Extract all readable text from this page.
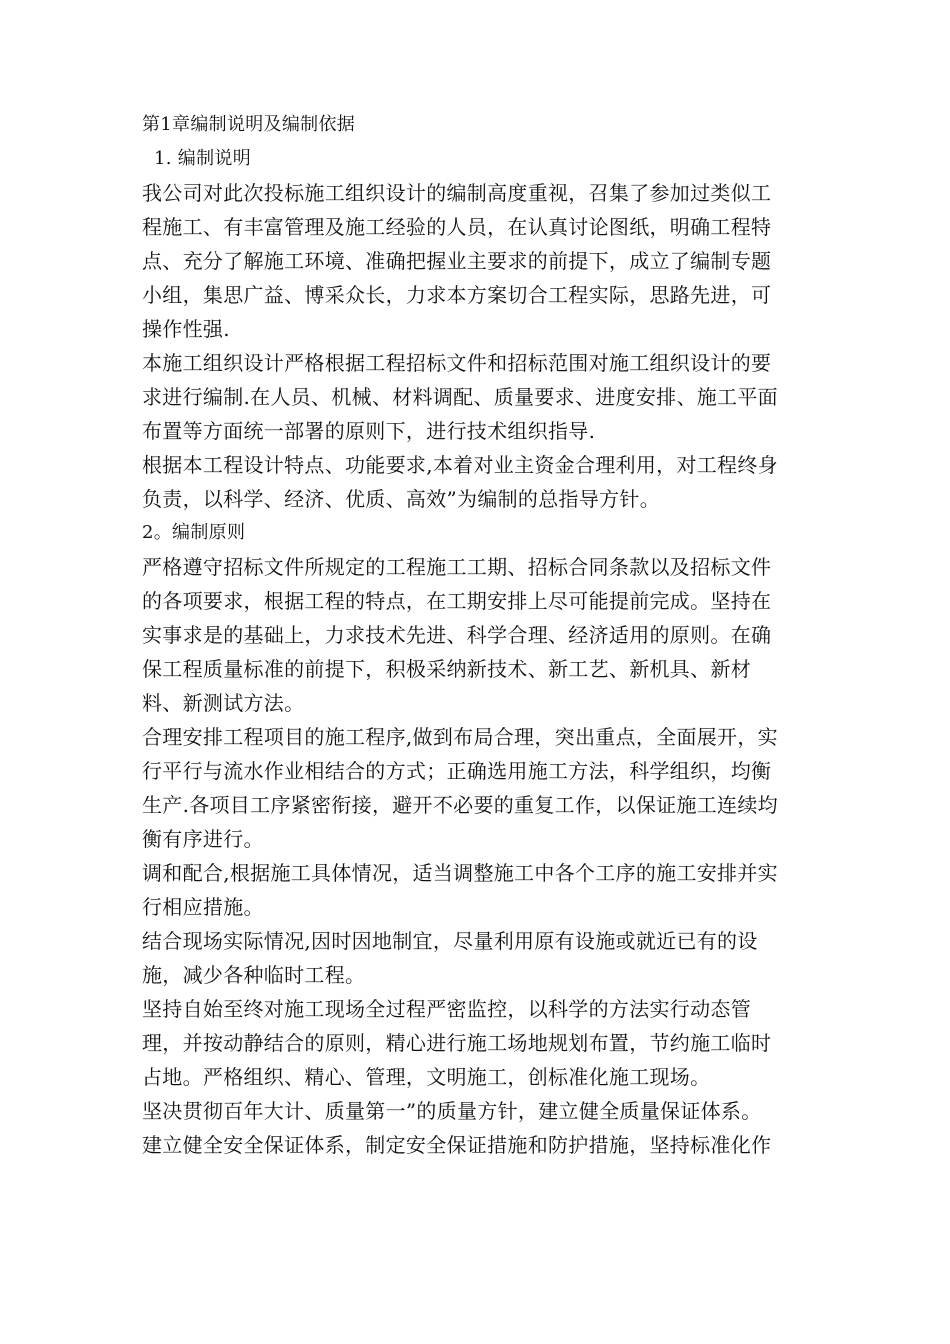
第1章编制说明及编制依据
1. 编制说明
我公司对此次投标施工组织设计的编制高度重视，召集了参加过类似工
程施工、有丰富管理及施工经验的人员，在认真讨论图纸，明确工程特
点、充分了解施工环境、准确把握业主要求的前提下，成立了编制专题
小组，集思广益、博采众长，力求本方案切合工程实际，思路先进，可
操作性强.
本施工组织设计严格根据工程招标文件和招标范围对施工组织设计的要
求进行编制.在人员、机械、材料调配、质量要求、进度安排、施工平面
布置等方面统一部署的原则下，进行技术组织指导.
根据本工程设计特点、功能要求,本着对业主资金合理利用，对工程终身
负责，以科学、经济、优质、高效”为编制的总指导方针。
2。编制原则
严格遵守招标文件所规定的工程施工工期、招标合同条款以及招标文件
的各项要求，根据工程的特点，在工期安排上尽可能提前完成。坚持在
实事求是的基础上，力求技术先进、科学合理、经济适用的原则。在确
保工程质量标准的前提下，积极采纳新技术、新工艺、新机具、新材
料、新测试方法。
合理安排工程项目的施工程序,做到布局合理，突出重点，全面展开，实
行平行与流水作业相结合的方式；正确选用施工方法，科学组织，均衡
生产.各项目工序紧密衔接，避开不必要的重复工作，以保证施工连续均
衡有序进行。
调和配合,根据施工具体情况，适当调整施工中各个工序的施工安排并实
行相应措施。
结合现场实际情况,因时因地制宜，尽量利用原有设施或就近已有的设
施，减少各种临时工程。
坚持自始至终对施工现场全过程严密监控，以科学的方法实行动态管
理，并按动静结合的原则，精心进行施工场地规划布置，节约施工临时
占地。严格组织、精心、管理，文明施工，创标准化施工现场。
坚决贯彻百年大计、质量第一”的质量方针，建立健全质量保证体系。
建立健全安全保证体系，制定安全保证措施和防护措施，坚持标准化作
